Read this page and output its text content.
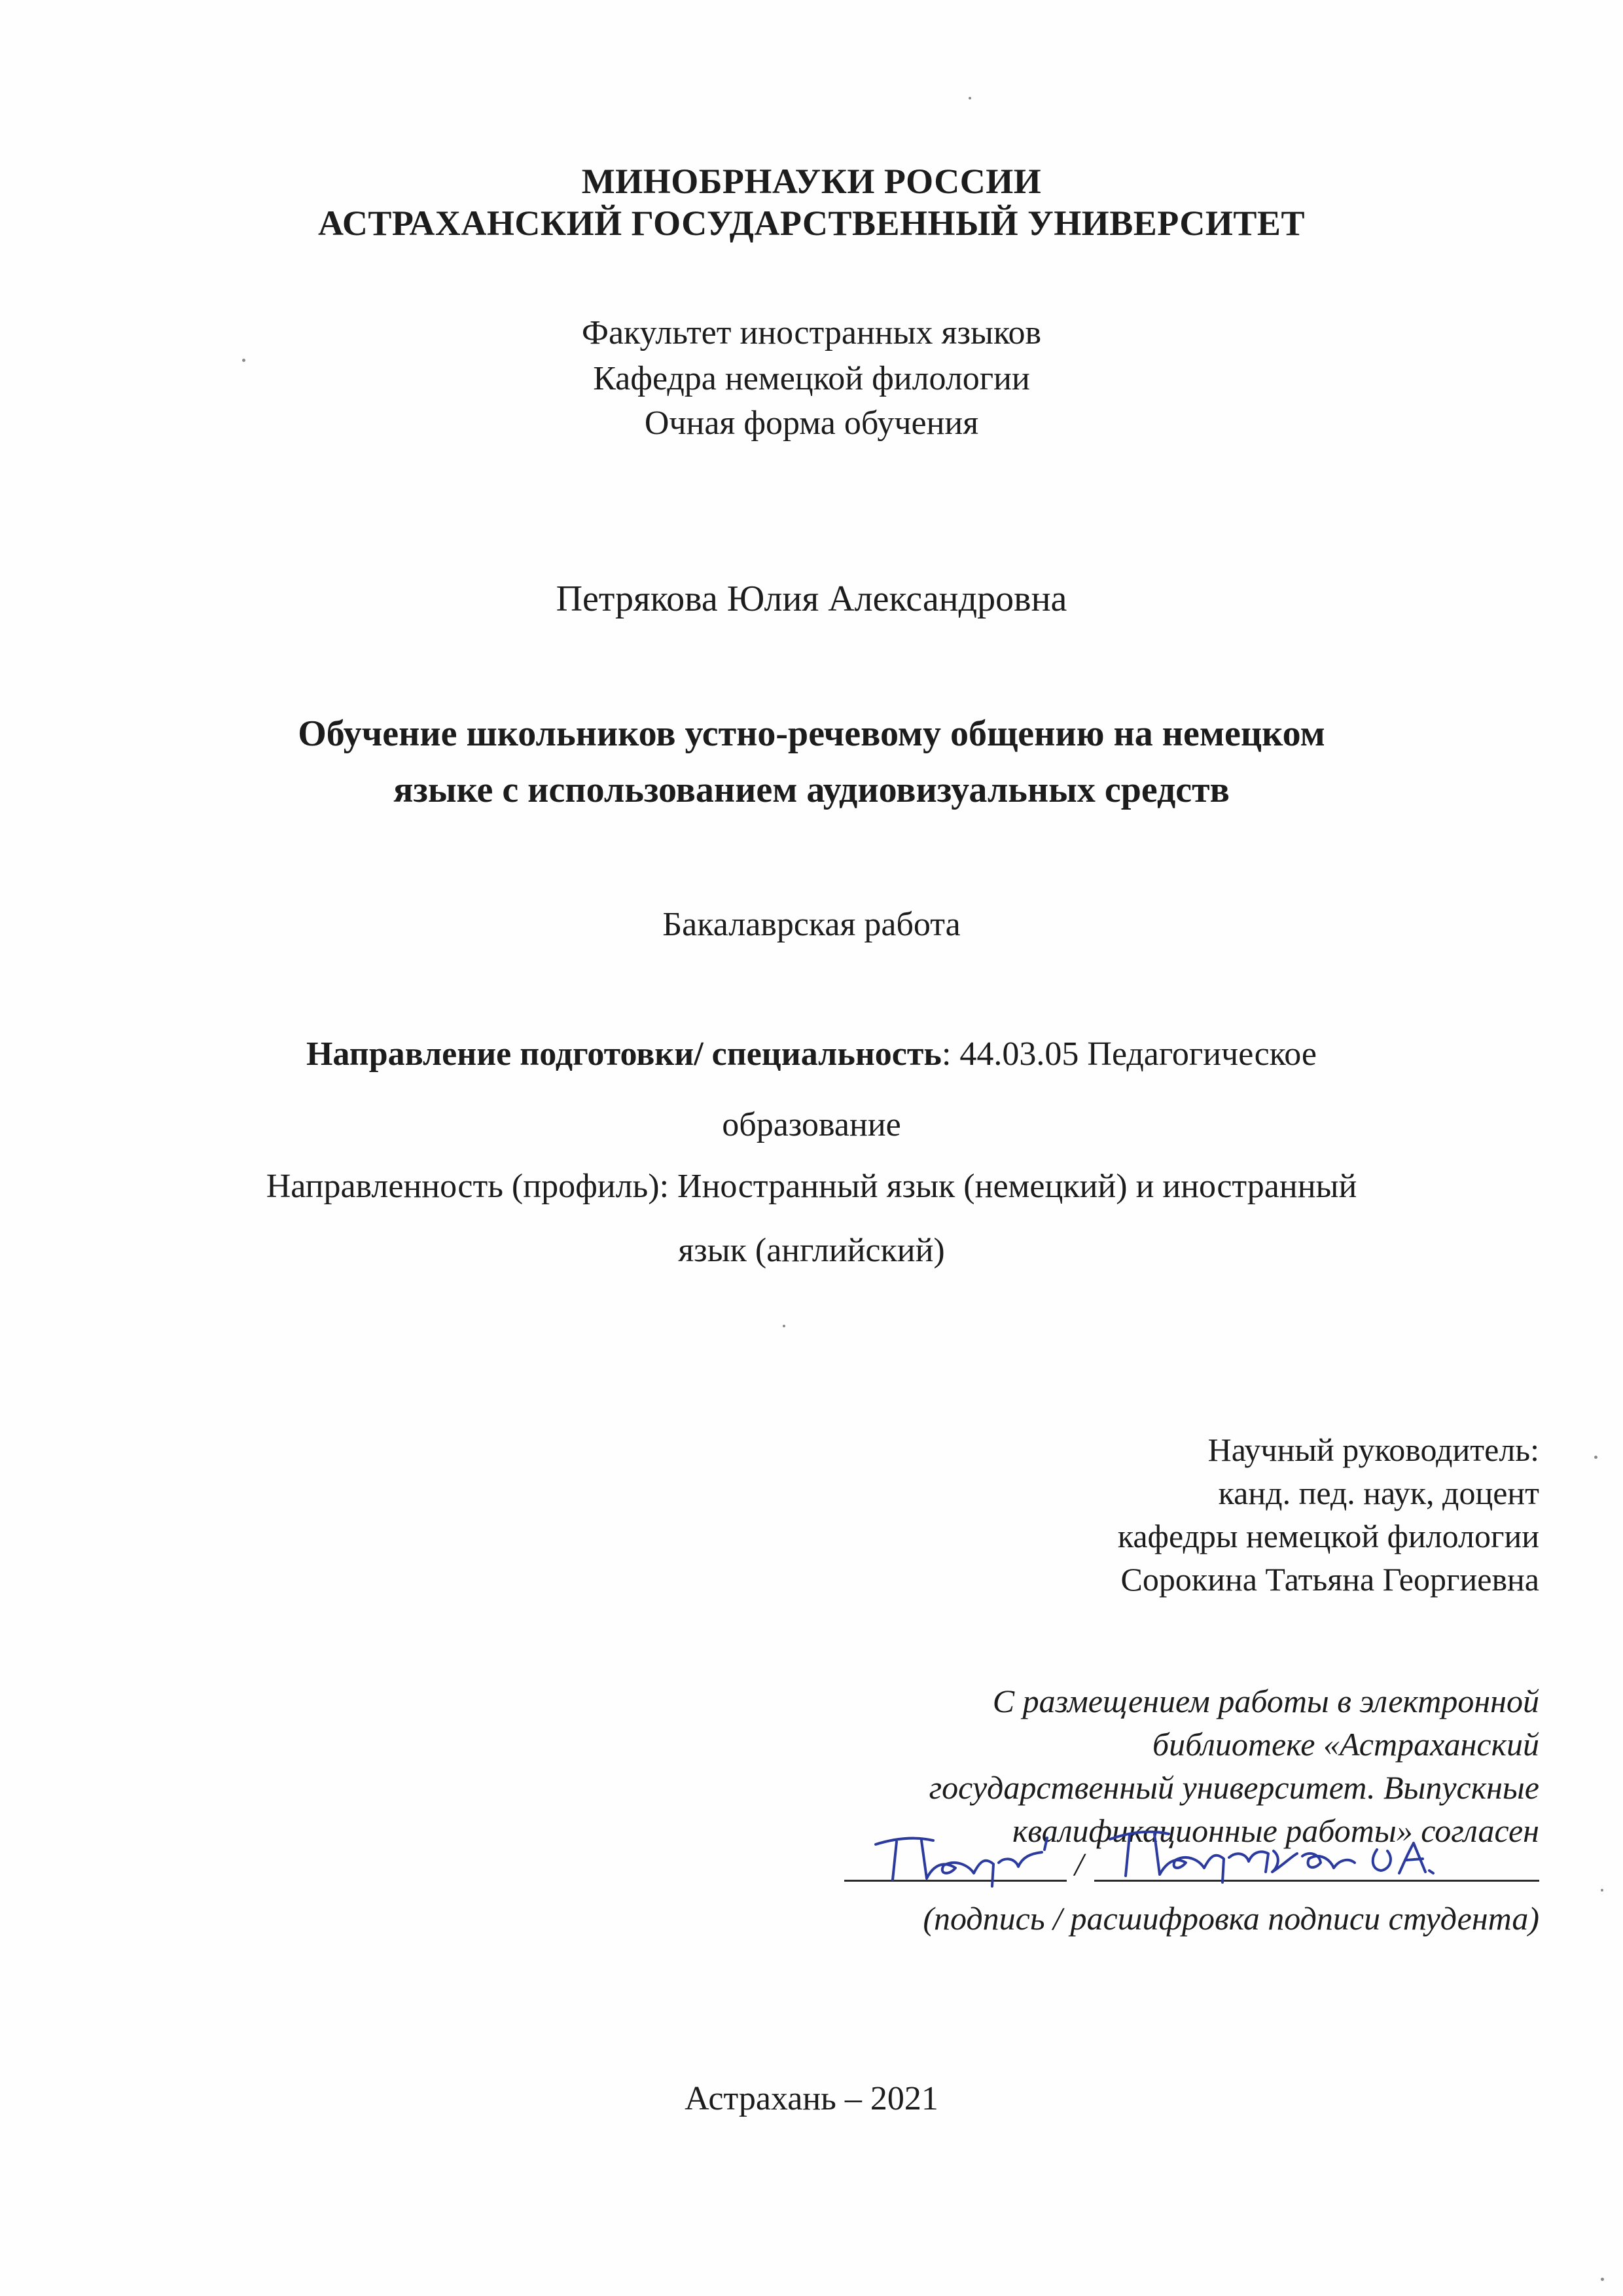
МИНОБРНАУКИ РОССИИ
АСТРАХАНСКИЙ ГОСУДАРСТВЕННЫЙ УНИВЕРСИТЕТ
Факультет иностранных языков
Кафедра немецкой филологии
Очная форма обучения
Петрякова Юлия Александровна
Обучение школьников устно-речевому общению на немецком
языке с использованием аудиовизуальных средств
Бакалаврская работа
Направление подготовки/ специальность: 44.03.05 Педагогическое
образование
Направленность (профиль): Иностранный язык (немецкий) и иностранный
язык (английский)
Научный руководитель:
канд. пед. наук, доцент
кафедры немецкой филологии
Сорокина Татьяна Георгиевна
С размещением работы в электронной
библиотеке «Астраханский
государственный университет. Выпускные
квалификационные работы» согласен
/
(подпись / расшифровка подписи студента)
Астрахань – 2021
